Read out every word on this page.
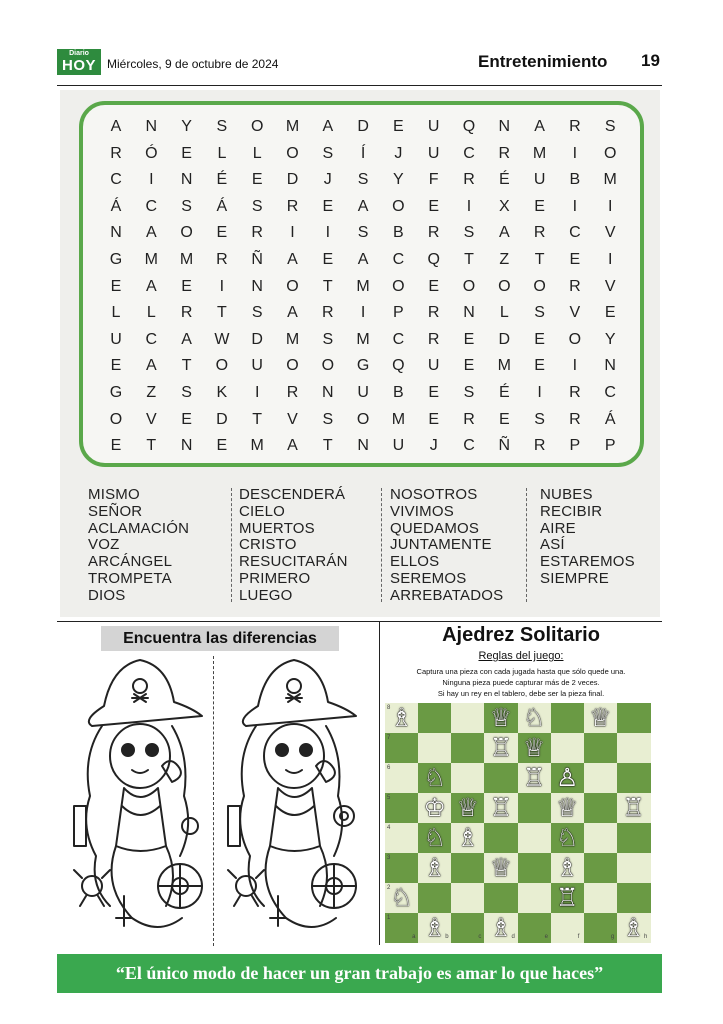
Diario
HOY Miércoles, 9 de octubre de 2024	Entretenimiento 19
A	N	Y	S	O	M	A	D	E	U	Q	N	A	R	S
R	Ó	E	L	L	O	S	Í	J	U	C	R	M	I	O
C	I	N	É	E	D	J	S	Y	F	R	É	U	B	M
Á	C	S	Á	S	R	E	A	O	E	I	X	E	I	I
N	A	O	E	R	I	I	S	B	R	S	A	R	C	V
G	M	M	R	Ñ	A	E	A	C	Q	T	Z	T	E	I
E	A	E	I	N	O	T	M	O	E	O	O	O	R	V
L	L	R	T	S	A	R	I	P	R	N	L	S	V	E
U	C	A	W	D	M	S	M	C	R	E	D	E	O	Y
E	A	T	O	U	O	O	G	Q	U	E	M	E	I	N
G	Z	S	K	I	R	N	U	B	E	S	É	I	R	C
O	V	E	D	T	V	S	O	M	E	R	E	S	R	Á
E	T	N	E	M	A	T	N	U	J	C	Ñ	R	P	P
MISMO
SEÑOR
ACLAMACIÓN
VOZ
ARCÁNGEL
TROMPETA
DIOS
DESCENDERÁ
CIELO
MUERTOS
CRISTO
RESUCITARÁN
PRIMERO
LUEGO
NOSOTROS
VIVIMOS
QUEDAMOS
JUNTAMENTE
ELLOS
SEREMOS
ARREBATADOS
NUBES
RECIBIR
AIRE
ASÍ
ESTAREMOS
SIEMPRE
Encuentra las diferencias	Ajedrez Solitario
Reglas del juego:
Captura una pieza con cada jugada hasta que sólo quede una.
Ninguna pieza puede capturar más de 2 veces.
Si hay un rey en el tablero, debe ser la pieza final.
8
7
6
5
4
3
2
1
a	b	c	d	e	f	g	h
♗	♕ ♘ ♕
♖ ♕
♘	♖ ♙
♔ ♕ ♖ ♕ ♖
♘ ♗	♘
♗ ♕ ♗
♘	♖
♗ ♗	♗
“El único modo de hacer un gran trabajo es amar lo que haces”
